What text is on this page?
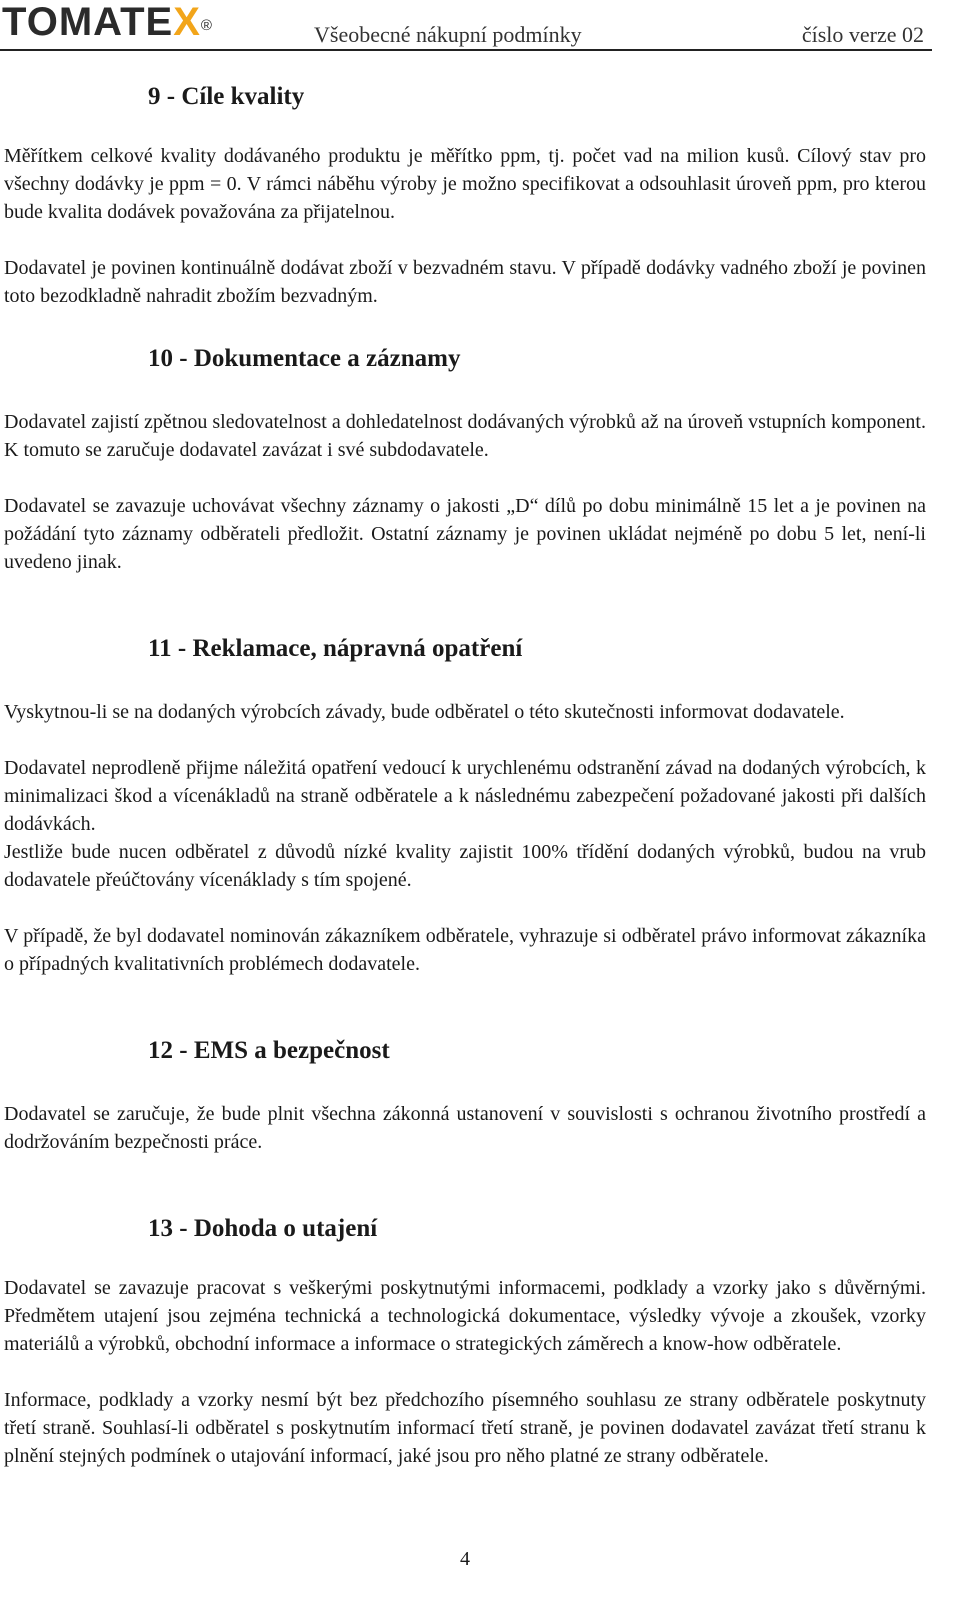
TOMATEX®	Všeobecné nákupní podmínky	číslo verze 02
9 - Cíle kvality
Měřítkem celkové kvality dodávaného produktu je měřítko ppm, tj. počet vad na milion kusů. Cílový stav pro všechny dodávky je ppm = 0. V rámci náběhu výroby je možno specifikovat a odsouhlasit úroveň ppm, pro kterou bude kvalita dodávek považována za přijatelnou.
Dodavatel je povinen kontinuálně dodávat zboží v bezvadném stavu. V případě dodávky vadného zboží je povinen toto bezodkladně nahradit zbožím bezvadným.
10 - Dokumentace a záznamy
Dodavatel zajistí zpětnou sledovatelnost a dohledatelnost dodávaných výrobků až na úroveň vstupních komponent. K tomuto se zaručuje dodavatel zavázat i své subdodavatele.
Dodavatel se zavazuje uchovávat všechny záznamy o jakosti „D“ dílů po dobu minimálně 15 let a je povinen na požádání tyto záznamy odběrateli předložit. Ostatní záznamy je povinen ukládat nejméně po dobu 5 let, není-li uvedeno jinak.
11 - Reklamace, nápravná opatření
Vyskytnou-li se na dodaných výrobcích závady, bude odběratel o této skutečnosti informovat dodavatele.
Dodavatel neprodleně přijme náležitá opatření vedoucí k urychlenému odstranění závad na dodaných výrobcích, k minimalizaci škod a vícenákladů na straně odběratele a k následnému zabezpečení požadované jakosti při dalších dodávkách.
Jestliže bude nucen odběratel z důvodů nízké kvality zajistit 100% třídění dodaných výrobků, budou na vrub dodavatele přeúčtovány vícenáklady s tím spojené.
V případě, že byl dodavatel nominován zákazníkem odběratele, vyhrazuje si odběratel právo informovat zákazníka o případných kvalitativních problémech dodavatele.
12 - EMS a bezpečnost
Dodavatel se zaručuje, že bude plnit všechna zákonná ustanovení v souvislosti s ochranou životního prostředí a dodržováním bezpečnosti práce.
13 - Dohoda o utajení
Dodavatel se zavazuje pracovat s veškerými poskytnutými informacemi, podklady a vzorky jako s důvěrnými. Předmětem utajení jsou zejména technická a technologická dokumentace, výsledky vývoje a zkoušek, vzorky materiálů a výrobků, obchodní informace a informace o strategických záměrech a know-how odběratele.
Informace, podklady a vzorky nesmí být bez předchozího písemného souhlasu ze strany odběratele poskytnuty třetí straně. Souhlasí-li odběratel s poskytnutím informací třetí straně, je povinen dodavatel zavázat třetí stranu k plnění stejných podmínek o utajování informací, jaké jsou pro něho platné ze strany odběratele.
4
